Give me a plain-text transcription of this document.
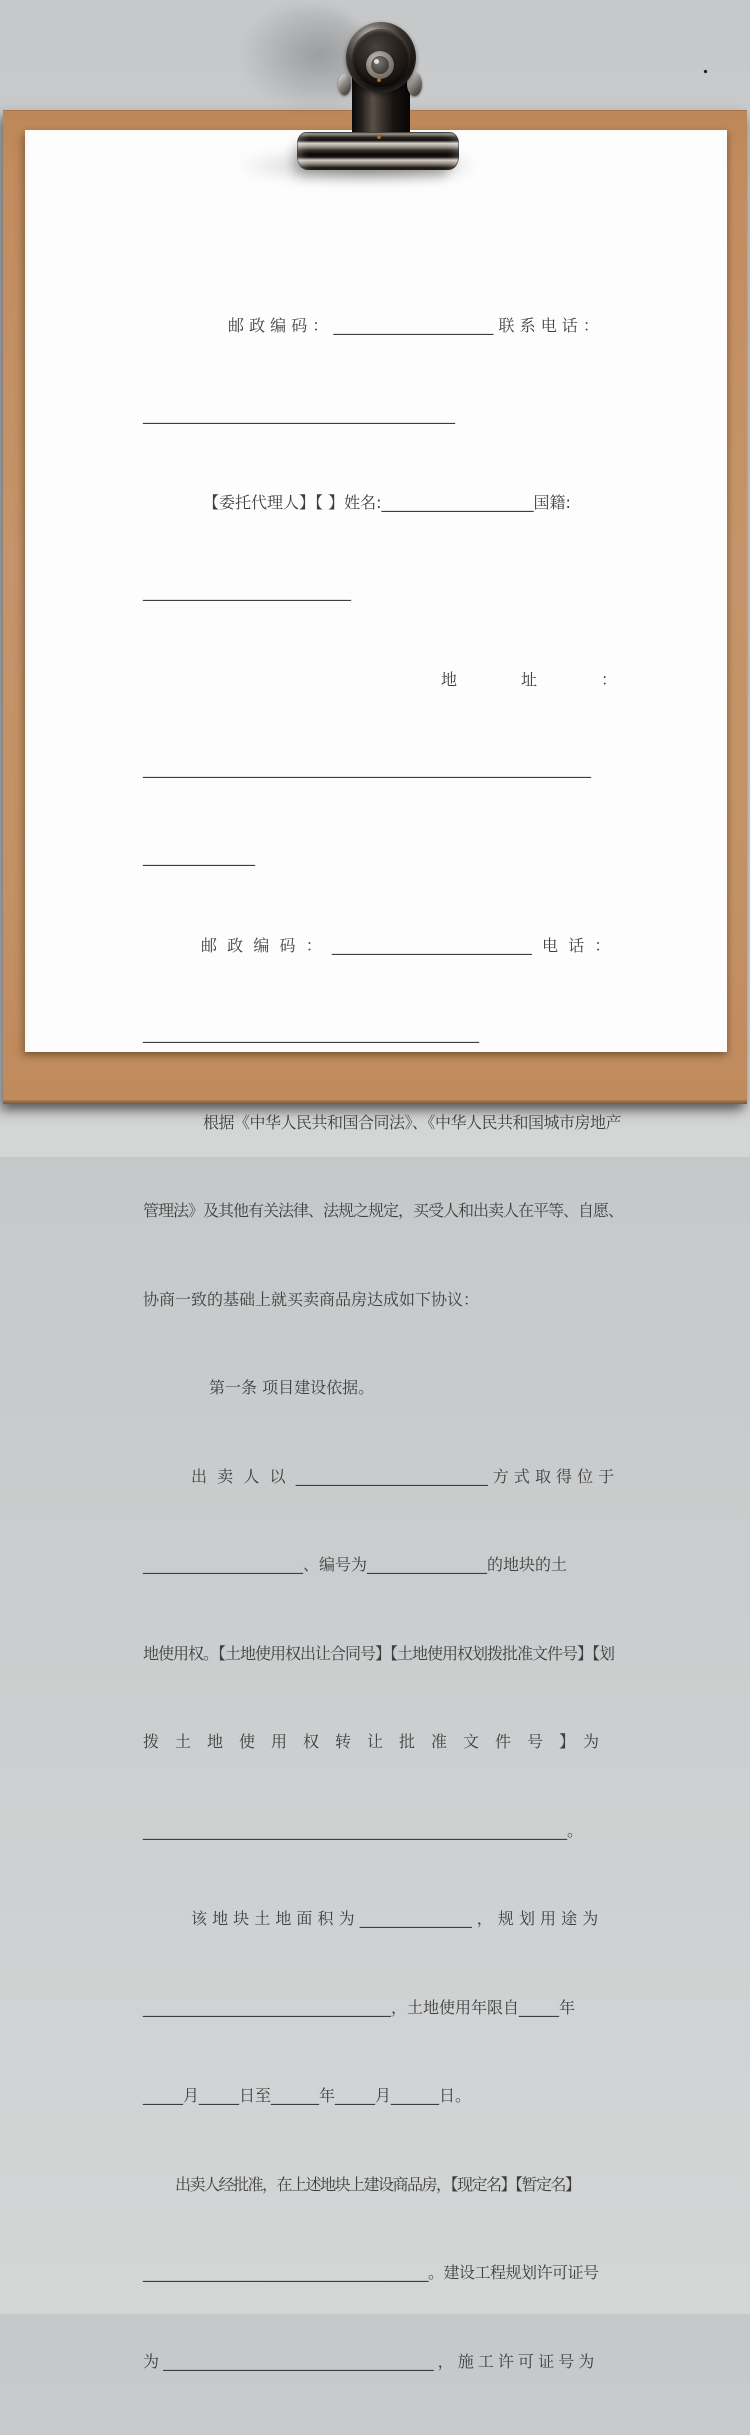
邮 政 编 码 ： ____________________ 联 系 电 话 ：

_______________________________________

【委托代理人】【 】姓名:___________________国籍:

__________________________

地　　　　址　　　　：

________________________________________________________

______________

邮  政  编  码  ：  _________________________  电  话  ：

__________________________________________

根据《中华人民共和国合同法》、《中华人民共和国城市房地产

管理法》及其他有关法律、法规之规定，买受人和出卖人在平等、自愿、

协商一致的基础上就买卖商品房达成如下协议：

第一条 项目建设依据。

出  卖  人  以  ________________________ 方 式 取 得 位 于

____________________、编号为_______________的地块的土

地使用权。【土地使用权出让合同号】【土地使用权划拨批准文件号】【划

拨　土　地　使　用　权　转　让　批　准　文　件　号　】　为

_____________________________________________________。

该 地 块 土 地 面 积 为 ______________ ， 规 划 用 途 为

_______________________________，土地使用年限自_____年

_____月_____日至______年_____月______日。

出卖人经批准，在上述地块上建设商品房，【现定名】【暂定名】

______________________________________。建设工程规划许可证号

为 ____________________________________ ， 施 工 许 可 证 号 为
